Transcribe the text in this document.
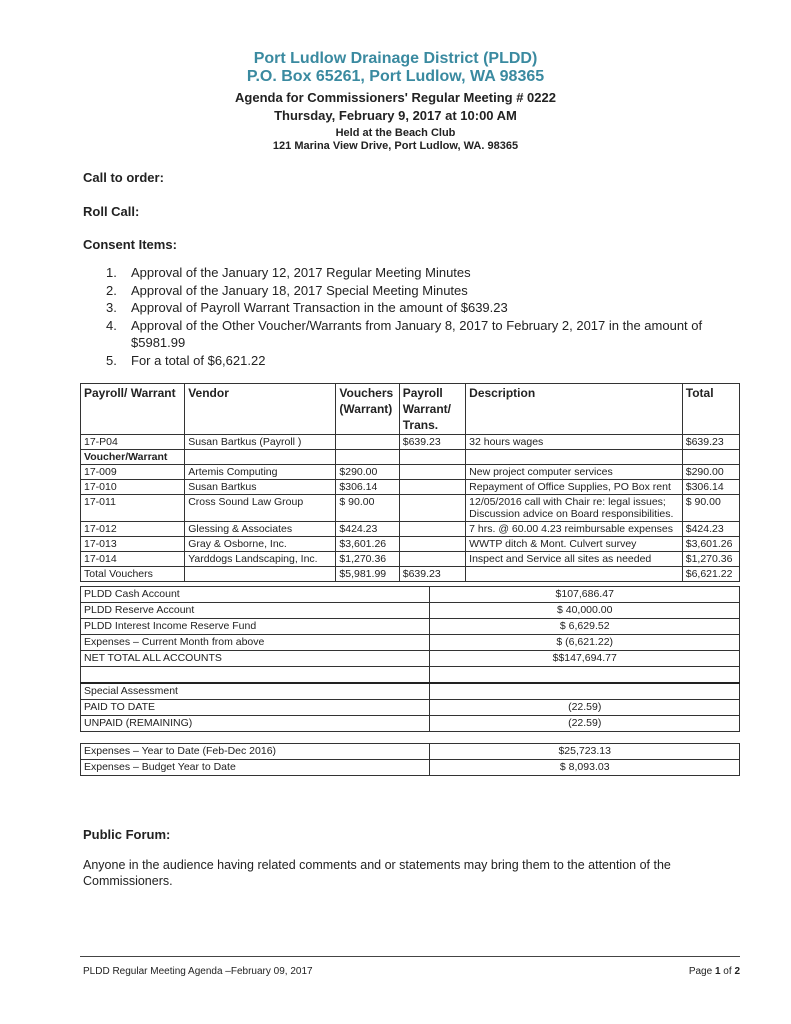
Port Ludlow Drainage District (PLDD)
P.O. Box 65261, Port Ludlow, WA 98365
Agenda for Commissioners' Regular Meeting # 0222
Thursday, February 9, 2017 at 10:00 AM
Held at the Beach Club
121 Marina View Drive, Port Ludlow, WA. 98365
Call to order:
Roll Call:
Consent Items:
1. Approval of the January 12, 2017 Regular Meeting Minutes
2. Approval of the January 18, 2017 Special Meeting Minutes
3. Approval of Payroll Warrant Transaction in the amount of $639.23
4. Approval of the Other Voucher/Warrants from January 8, 2017 to February 2, 2017 in the amount of $5981.99
5. For a total of $6,621.22
Payroll/ Warrant	Vendor	Vouchers (Warrant)	Payroll Warrant/ Trans.	Description	Total
17-P04	Susan Bartkus (Payroll )		$639.23	32 hours wages	$639.23
Voucher/Warrant					
17-009	Artemis Computing	$290.00		New project computer services	$290.00
17-010	Susan Bartkus	$306.14		Repayment of Office Supplies, PO Box rent	$306.14
17-011	Cross Sound Law Group	$ 90.00		12/05/2016 call with Chair re: legal issues; Discussion advice on Board responsibilities.	$ 90.00
17-012	Glessing & Associates	$424.23		7 hrs. @ 60.00 4.23 reimbursable expenses	$424.23
17-013	Gray & Osborne, Inc.	$3,601.26		WWTP ditch & Mont. Culvert survey	$3,601.26
17-014	Yarddogs Landscaping, Inc.	$1,270.36		Inspect and Service all sites as needed	$1,270.36
Total Vouchers		$5,981.99	$639.23		$6,621.22
PLDD Cash Account	$107,686.47
PLDD Reserve Account	$ 40,000.00
PLDD Interest Income Reserve Fund	$ 6,629.52
Expenses – Current Month from above	$ (6,621.22)
NET TOTAL ALL ACCOUNTS	$$147,694.77

Special Assessment	
PAID TO DATE	(22.59)
UNPAID (REMAINING)	(22.59)
Expenses – Year to Date (Feb-Dec 2016)	$25,723.13
Expenses – Budget Year to Date	$ 8,093.03
Public Forum:
Anyone in the audience having related comments and or statements may bring them to the attention of the Commissioners.
PLDD Regular Meeting Agenda –February 09, 2017	Page 1 of 2
